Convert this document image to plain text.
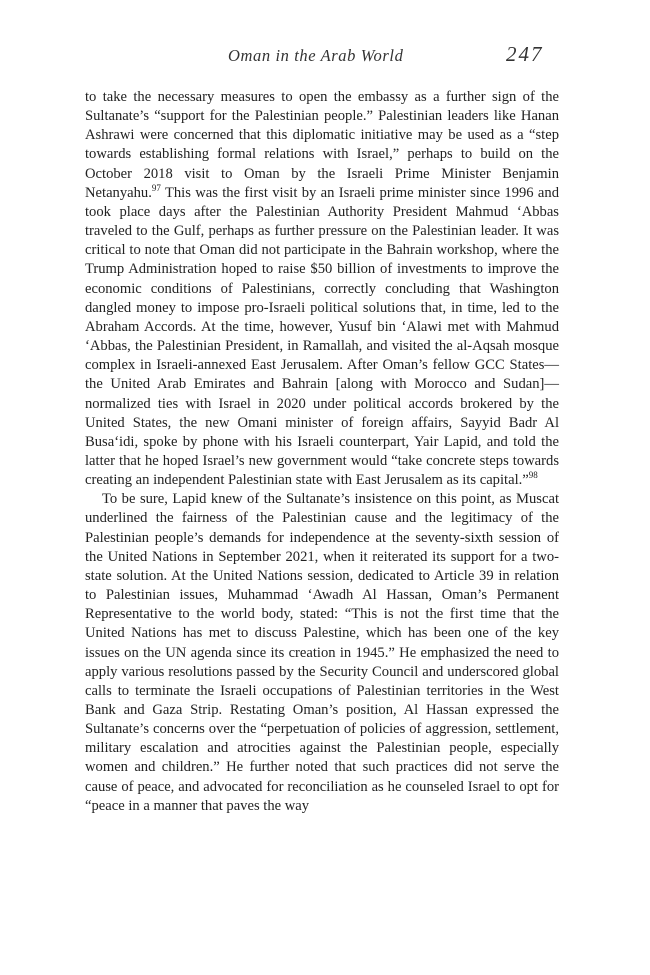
Oman in the Arab World	247

to take the necessary measures to open the embassy as a further sign of the Sultanate’s “support for the Palestinian people.” Palestinian leaders like Hanan Ashrawi were concerned that this diplomatic initiative may be used as a “step towards establishing formal relations with Israel,” perhaps to build on the October 2018 visit to Oman by the Israeli Prime Minister Benjamin Netanyahu.$^{97}$ This was the first visit by an Israeli prime minister since 1996 and took place days after the Palestinian Authority President Mahmud ‘Abbas traveled to the Gulf, perhaps as further pressure on the Palestinian leader. It was critical to note that Oman did not participate in the Bahrain workshop, where the Trump Administration hoped to raise $50 billion of investments to improve the economic conditions of Palestinians, correctly concluding that Washington dangled money to impose pro-Israeli political solutions that, in time, led to the Abraham Accords. At the time, however, Yusuf bin ‘Alawi met with Mahmud ‘Abbas, the Palestinian President, in Ramallah, and visited the al-Aqsah mosque complex in Israeli-annexed East Jerusalem. After Oman’s fellow GCC States—the United Arab Emirates and Bahrain [along with Morocco and Sudan]—normalized ties with Israel in 2020 under political accords brokered by the United States, the new Omani minister of foreign affairs, Sayyid Badr Al Busa‘idi, spoke by phone with his Israeli counterpart, Yair Lapid, and told the latter that he hoped Israel’s new government would “take concrete steps towards creating an independent Palestinian state with East Jerusalem as its capital.”$^{98}$

To be sure, Lapid knew of the Sultanate’s insistence on this point, as Muscat underlined the fairness of the Palestinian cause and the legitimacy of the Palestinian people’s demands for independence at the seventy-sixth session of the United Nations in September 2021, when it reiterated its support for a two-state solution. At the United Nations session, dedicated to Article 39 in relation to Palestinian issues, Muhammad ‘Awadh Al Hassan, Oman’s Permanent Representative to the world body, stated: “This is not the first time that the United Nations has met to discuss Palestine, which has been one of the key issues on the UN agenda since its creation in 1945.” He emphasized the need to apply various resolutions passed by the Security Council and underscored global calls to terminate the Israeli occupations of Palestinian territories in the West Bank and Gaza Strip. Restating Oman’s position, Al Hassan expressed the Sultanate’s concerns over the “perpetuation of policies of aggression, settlement, military escalation and atrocities against the Palestinian people, especially women and children.” He further noted that such practices did not serve the cause of peace, and advocated for reconciliation as he counseled Israel to opt for “peace in a manner that paves the way
